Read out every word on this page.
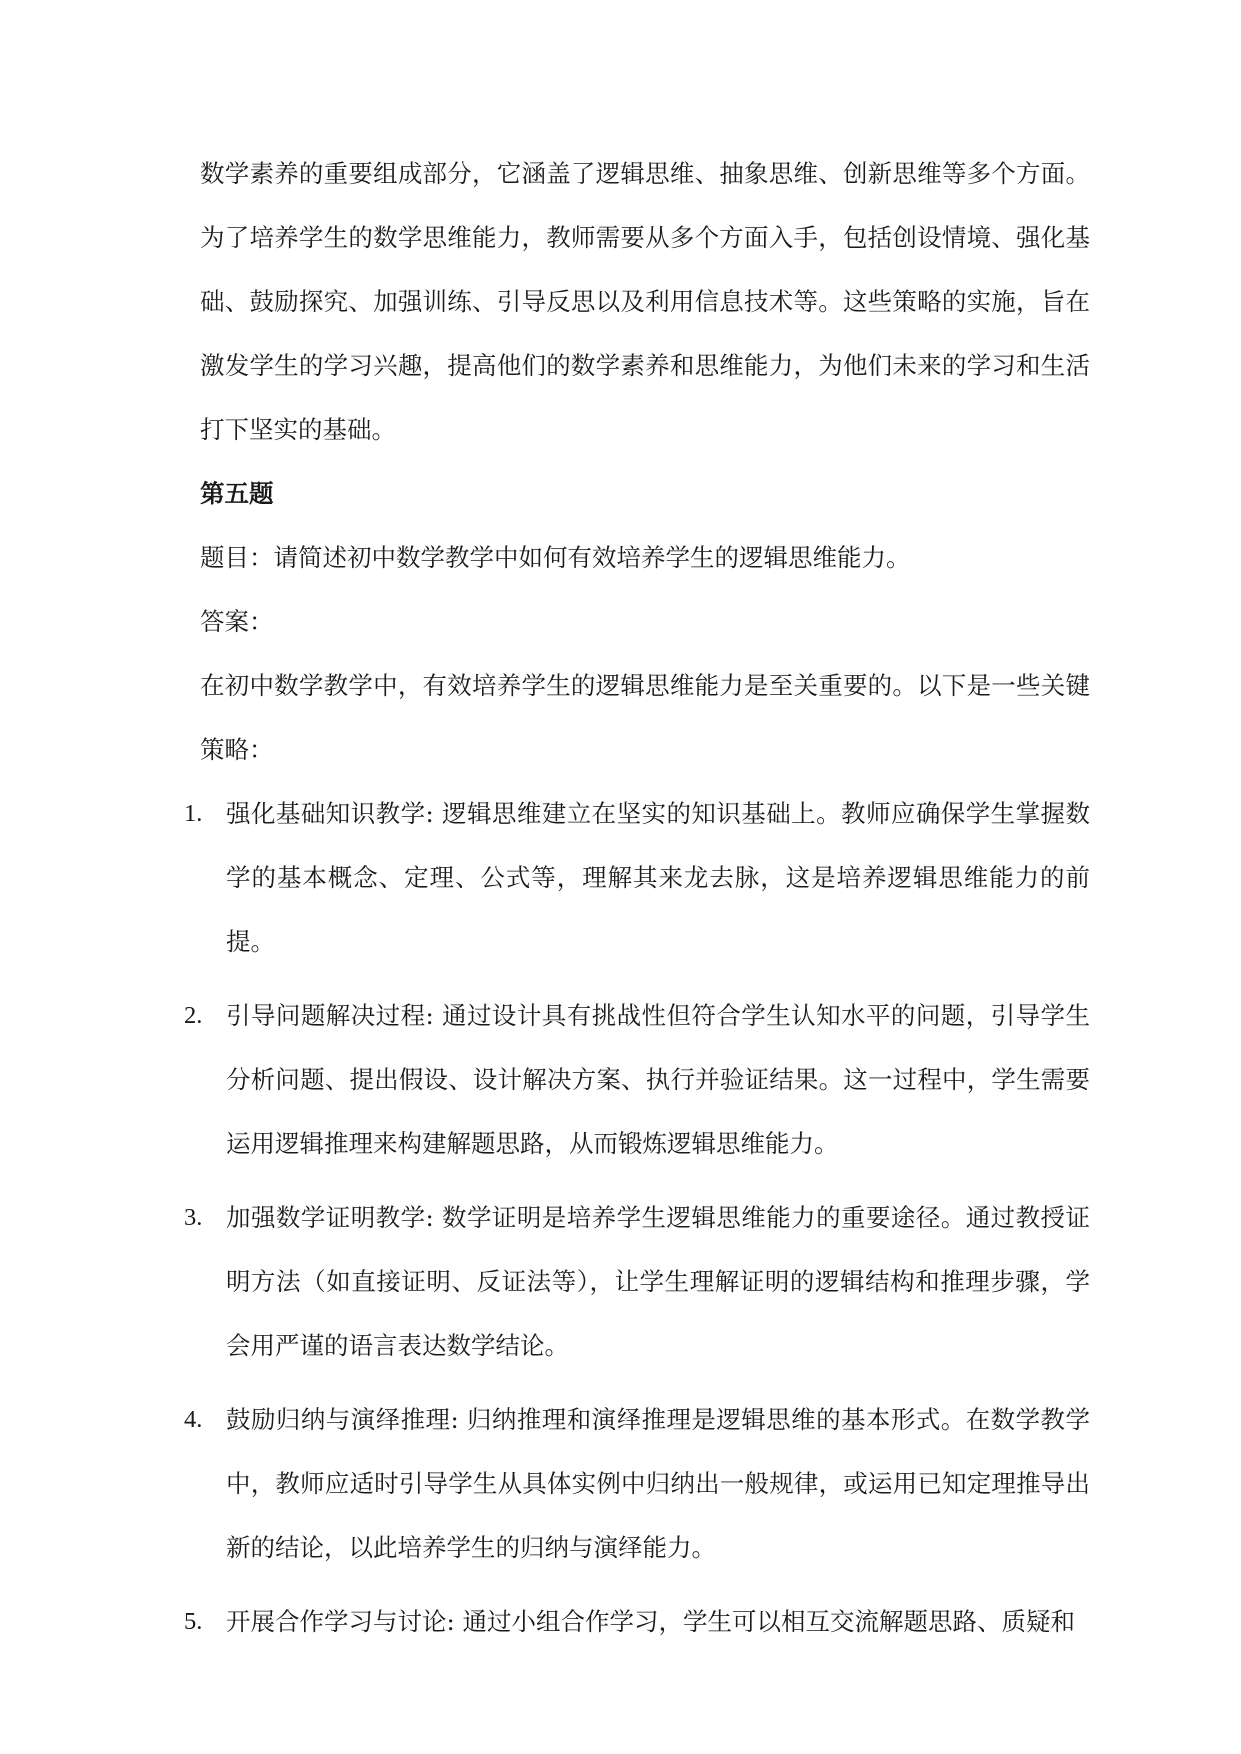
数学素养的重要组成部分，它涵盖了逻辑思维、抽象思维、创新思维等多个方面。为了培养学生的数学思维能力，教师需要从多个方面入手，包括创设情境、强化基础、鼓励探究、加强训练、引导反思以及利用信息技术等。这些策略的实施，旨在激发学生的学习兴趣，提高他们的数学素养和思维能力，为他们未来的学习和生活打下坚实的基础。

第五题

题目：请简述初中数学教学中如何有效培养学生的逻辑思维能力。

答案：

在初中数学教学中，有效培养学生的逻辑思维能力是至关重要的。以下是一些关键策略：

1. 强化基础知识教学: 逻辑思维建立在坚实的知识基础上。教师应确保学生掌握数学的基本概念、定理、公式等，理解其来龙去脉，这是培养逻辑思维能力的前提。
2. 引导问题解决过程: 通过设计具有挑战性但符合学生认知水平的问题，引导学生分析问题、提出假设、设计解决方案、执行并验证结果。这一过程中，学生需要运用逻辑推理来构建解题思路，从而锻炼逻辑思维能力。
3. 加强数学证明教学: 数学证明是培养学生逻辑思维能力的重要途径。通过教授证明方法（如直接证明、反证法等），让学生理解证明的逻辑结构和推理步骤，学会用严谨的语言表达数学结论。
4. 鼓励归纳与演绎推理: 归纳推理和演绎推理是逻辑思维的基本形式。在数学教学中，教师应适时引导学生从具体实例中归纳出一般规律，或运用已知定理推导出新的结论，以此培养学生的归纳与演绎能力。
5. 开展合作学习与讨论: 通过小组合作学习，学生可以相互交流解题思路、质疑和
